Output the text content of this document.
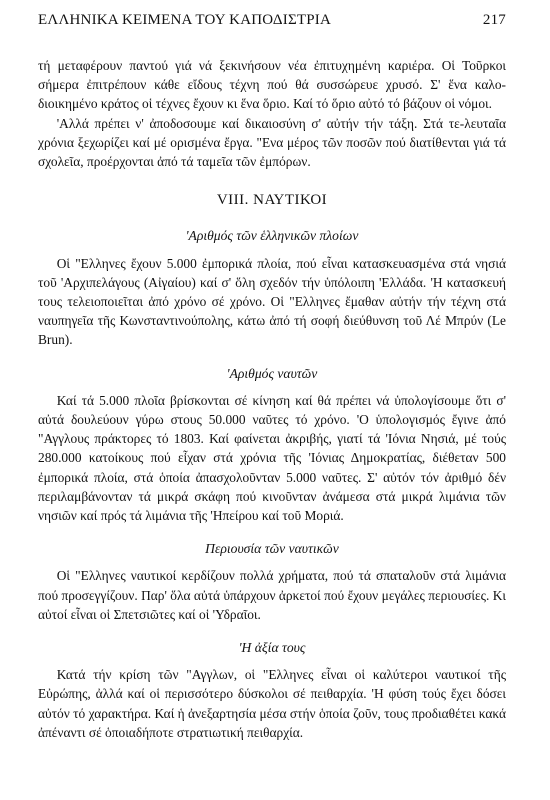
ΕΛΛΗΝΙΚΑ ΚΕΙΜΕΝΑ ΤΟΥ ΚΑΠΟΔΙΣΤΡΙΑ	217

τή μεταφέρουν παντού γιά νά ξεκινήσουν νέα ἐπιτυχημένη καριέρα. Οἱ Τοῦρκοι σήμερα ἐπιτρέπουν κάθε εἴδους τέχνη πού θά συσσώρευε χρυσό. Σ' ἕνα καλο-διοικημένο κράτος οἱ τέχνες ἔχουν κι ἕνα ὅριο. Καί τό ὅριο αὐτό τό βάζουν οἱ νόμοι.

'Αλλά πρέπει ν' ἀποδοσουμε καί δικαιοσύνη σ' αὐτήν τήν τάξη. Στά τε-λευταῖα χρόνια ξεχωρίζει καί μέ ορισμένα ἔργα. "Ενα μέρος τῶν ποσῶν πού διατίθενται γιά τά σχολεῖα, προέρχονται ἀπό τά ταμεῖα τῶν ἐμπόρων.

VIII. ΝΑΥΤΙΚΟΙ
'Αριθμός τῶν ἑλληνικῶν πλοίων

Οἱ "Ελληνες ἔχουν 5.000 ἐμπορικά πλοία, πού εἶναι κατασκευασμένα στά νησιά τοῦ 'Αρχιπελάγους (Αἰγαίου) καί σ' ὅλη σχεδόν τήν ὑπόλοιπη 'Ελλάδα. 'Η κατασκευή τους τελειοποιεῖται ἀπό χρόνο σέ χρόνο. Οἱ "Ελληνες ἔμαθαν αὐτήν τήν τέχνη στά ναυπηγεῖα τῆς Κωνσταντινούπολης, κάτω ἀπό τή σοφή διεύθυνση τοῦ Λέ Μπρύν (Le Brun).

'Αριθμός ναυτῶν

Καί τά 5.000 πλοῖα βρίσκονται σέ κίνηση καί θά πρέπει νά ὑπολογίσουμε ὅτι σ' αὐτά δουλεύουν γύρω στους 50.000 ναῦτες τό χρόνο. 'Ο ὑπολογισμός ἔγινε ἀπό "Αγγλους πράκτορες τό 1803. Καί φαίνεται ἀκριβής, γιατί τά 'Ιόνια Νησιά, μέ τούς 280.000 κατοίκους πού εἶχαν στά χρόνια τῆς 'Ιόνιας Δημοκρατίας, διέθεταν 500 ἐμπορικά πλοία, στά ὁποία ἀπασχολοῦνταν 5.000 ναῦτες. Σ' αὐτόν τόν ἀριθμό δέν περιλαμβάνονταν τά μικρά σκάφη πού κινοῦνταν ἀνάμεσα στά μικρά λιμάνια τῶν νησιῶν καί πρός τά λιμάνια τῆς 'Ηπείρου καί τοῦ Μοριά.

Περιουσία τῶν ναυτικῶν

Οἱ "Ελληνες ναυτικοί κερδίζουν πολλά χρήματα, πού τά σπαταλοῦν στά λιμάνια πού προσεγγίζουν. Παρ' ὅλα αὐτά ὑπάρχουν ἀρκετοί πού ἔχουν μεγάλες περιουσίες. Κι αὐτοί εἶναι οἱ Σπετσιῶτες καί οἱ 'Υδραῖοι.

'Η ἀξία τους

Κατά τήν κρίση τῶν "Αγγλων, οἱ "Ελληνες εἶναι οἱ καλύτεροι ναυτικοί τῆς Εὐρώπης, ἀλλά καί οἱ περισσότερο δύσκολοι σέ πειθαρχία. 'Η φύση τούς ἔχει δόσει αὐτόν τό χαρακτήρα. Καί ἡ ἀνεξαρτησία μέσα στήν ὁποία ζοῦν, τους προδιαθέτει κακά ἀπέναντι σέ ὁποιαδήποτε στρατιωτική πειθαρχία.
